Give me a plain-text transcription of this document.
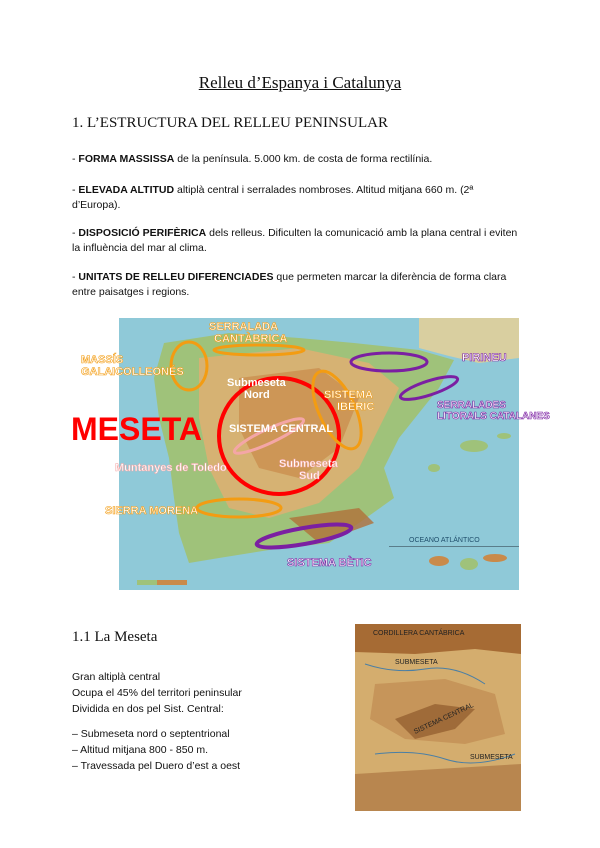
Relleu d’Espanya i Catalunya
1. L’ESTRUCTURA DEL RELLEU PENINSULAR
- FORMA MASSISSA de la península. 5.000 km. de costa de forma rectilínia.
- ELEVADA ALTITUD altiplà central i serralades nombroses. Altitud mitjana 660 m. (2ª d’Europa).
- DISPOSICIÓ PERIFÈRICA dels relleus. Dificulten la comunicació amb la plana central i eviten la influència del mar al clima.
- UNITATS DE RELLEU DIFERENCIADES que permeten marcar la diferència de forma clara entre paisatges i regions.
SERRALADA
CANTÀBRICA
MASSÍS
GALAICOLLEONÉS
Submeseta
Nord
PIRINEU
SISTEMA
IBÈRIC	SERRALADES
LITORALS CATALANES
MESETA SISTEMA CENTRAL
Muntanyes de Toledo	Submeseta
Sud
SIERRA MORENA
SISTEMA BÈTIC
OCEANO ATLÁNTICO
1.1 La Meseta
Gran altiplà central
Ocupa el 45% del territori peninsular
Dividida en dos pel Sist. Central:
– Submeseta nord o septentrional
– Altitud mitjana 800 - 850 m.
– Travessada pel Duero d’est a oest
CORDILLERA CANTÁBRICA
SUBMESETA
SISTEMA CENTRAL
SUBMESETA
